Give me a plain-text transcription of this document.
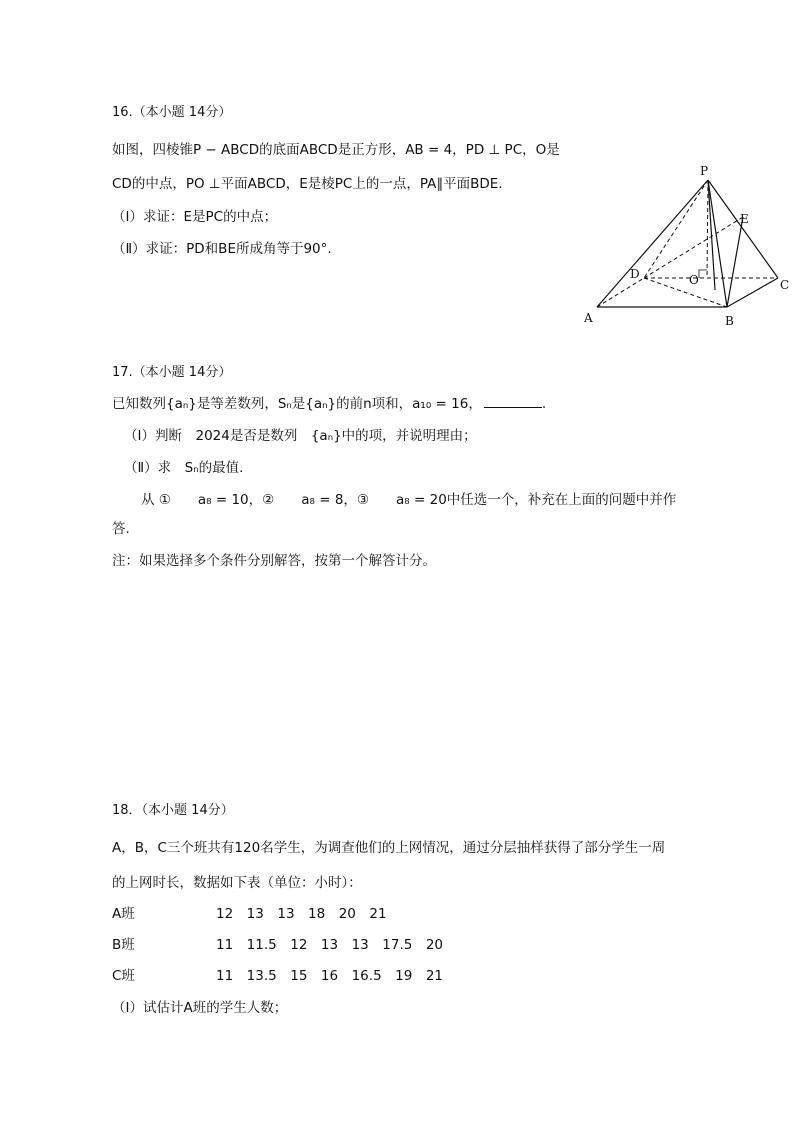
16.（本小题 14分）
如图，四棱锥P − ABCD的底面ABCD是正方形，AB = 4，PD ⊥ PC，O是
CD的中点，PO ⊥平面ABCD，E是棱PC上的一点，PA∥平面BDE.
（Ⅰ）求证：E是PC的中点；
（Ⅱ）求证：PD和BE所成角等于90°.
P
E
D	O	C
A	B
17.（本小题 14分）
已知数列{aₙ}是等差数列，Sₙ是{aₙ}的前n项和，a₁₀ = 16，	.
（Ⅰ）判断　2024是否是数列　{aₙ}中的项，并说明理由；
（Ⅱ）求　Sₙ的最值.
从 ①　　a₈ = 10，②　　a₈ = 8，③　　a₈ = 20中任选一个，补充在上面的问题中并作
答.
注：如果选择多个条件分别解答，按第一个解答计分。
18．（本小题 14分）
A，B，C三个班共有120名学生，为调查他们的上网情况，通过分层抽样获得了部分学生一周
的上网时长，数据如下表（单位：小时）：
A班	12　13　13　18　20　21
B班	11　11.5　12　13　13　17.5　20
C班	11　13.5　15　16　16.5　19　21
（Ⅰ）试估计A班的学生人数；
